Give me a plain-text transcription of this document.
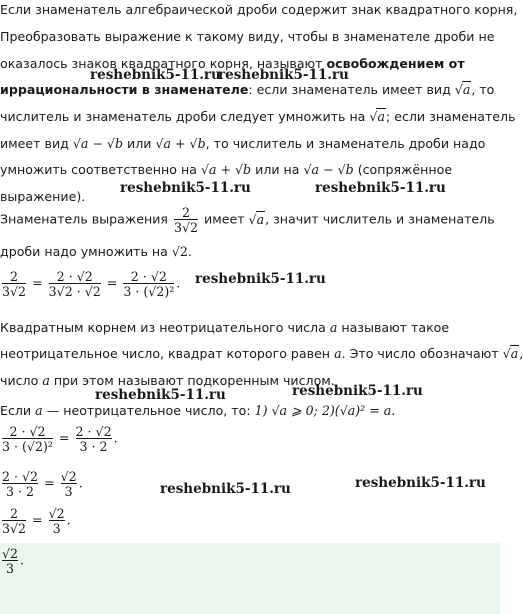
Если знаменатель алгебраической дроби содержит знак квадратного корня,
Преобразовать выражение к такому виду, чтобы в знаменателе дроби не
оказалось знаков квадратного корня, называют освобождением от
иррациональности в знаменателе: если знаменатель имеет вид √a, то
числитель и знаменатель дроби следует умножить на √a; если знаменатель
имеет вид √a − √b или √a + √b, то числитель и знаменатель дроби надо
умножить соответственно на √a + √b или на √a − √b (сопряжённое
выражение).
Знаменатель выражения $\frac{2}{3√2}$ имеет √a, значит числитель и знаменатель
дроби надо умножить на √2.
$\frac{2}{3√2} = \frac{2 \cdot √2}{3√2 \cdot √2} = \frac{2 \cdot √2}{\text{3 · (√2)²}}$ .
Квадратным корнем из неотрицательного числа a называют такое
неотрицательное число, квадрат которого равен a. Это число обозначают √a,
число a при этом называют подкоренным числом.
Если a — неотрицательное число, то: 1) √a ⩾ 0; 2)(√a)² = a.
$\frac{2 \cdot √2}{\text{3 · (√2)²}} = \frac{2 \cdot √2}{3 \cdot 2}$ .
$\frac{2 \cdot √2}{3 \cdot 2} = \frac{√2}{3}$ .
$\frac{2}{3√2} = \frac{√2}{3}$ .
$\frac{√2}{3}$ .
reshebnik5-11.ru
reshebnik5-11.ru
reshebnik5-11.ru	reshebnik5-11.ru
reshebnik5-11.ru
reshebnik5-11.ru	reshebnik5-11.ru
reshebnik5-11.ru	reshebnik5-11.ru
